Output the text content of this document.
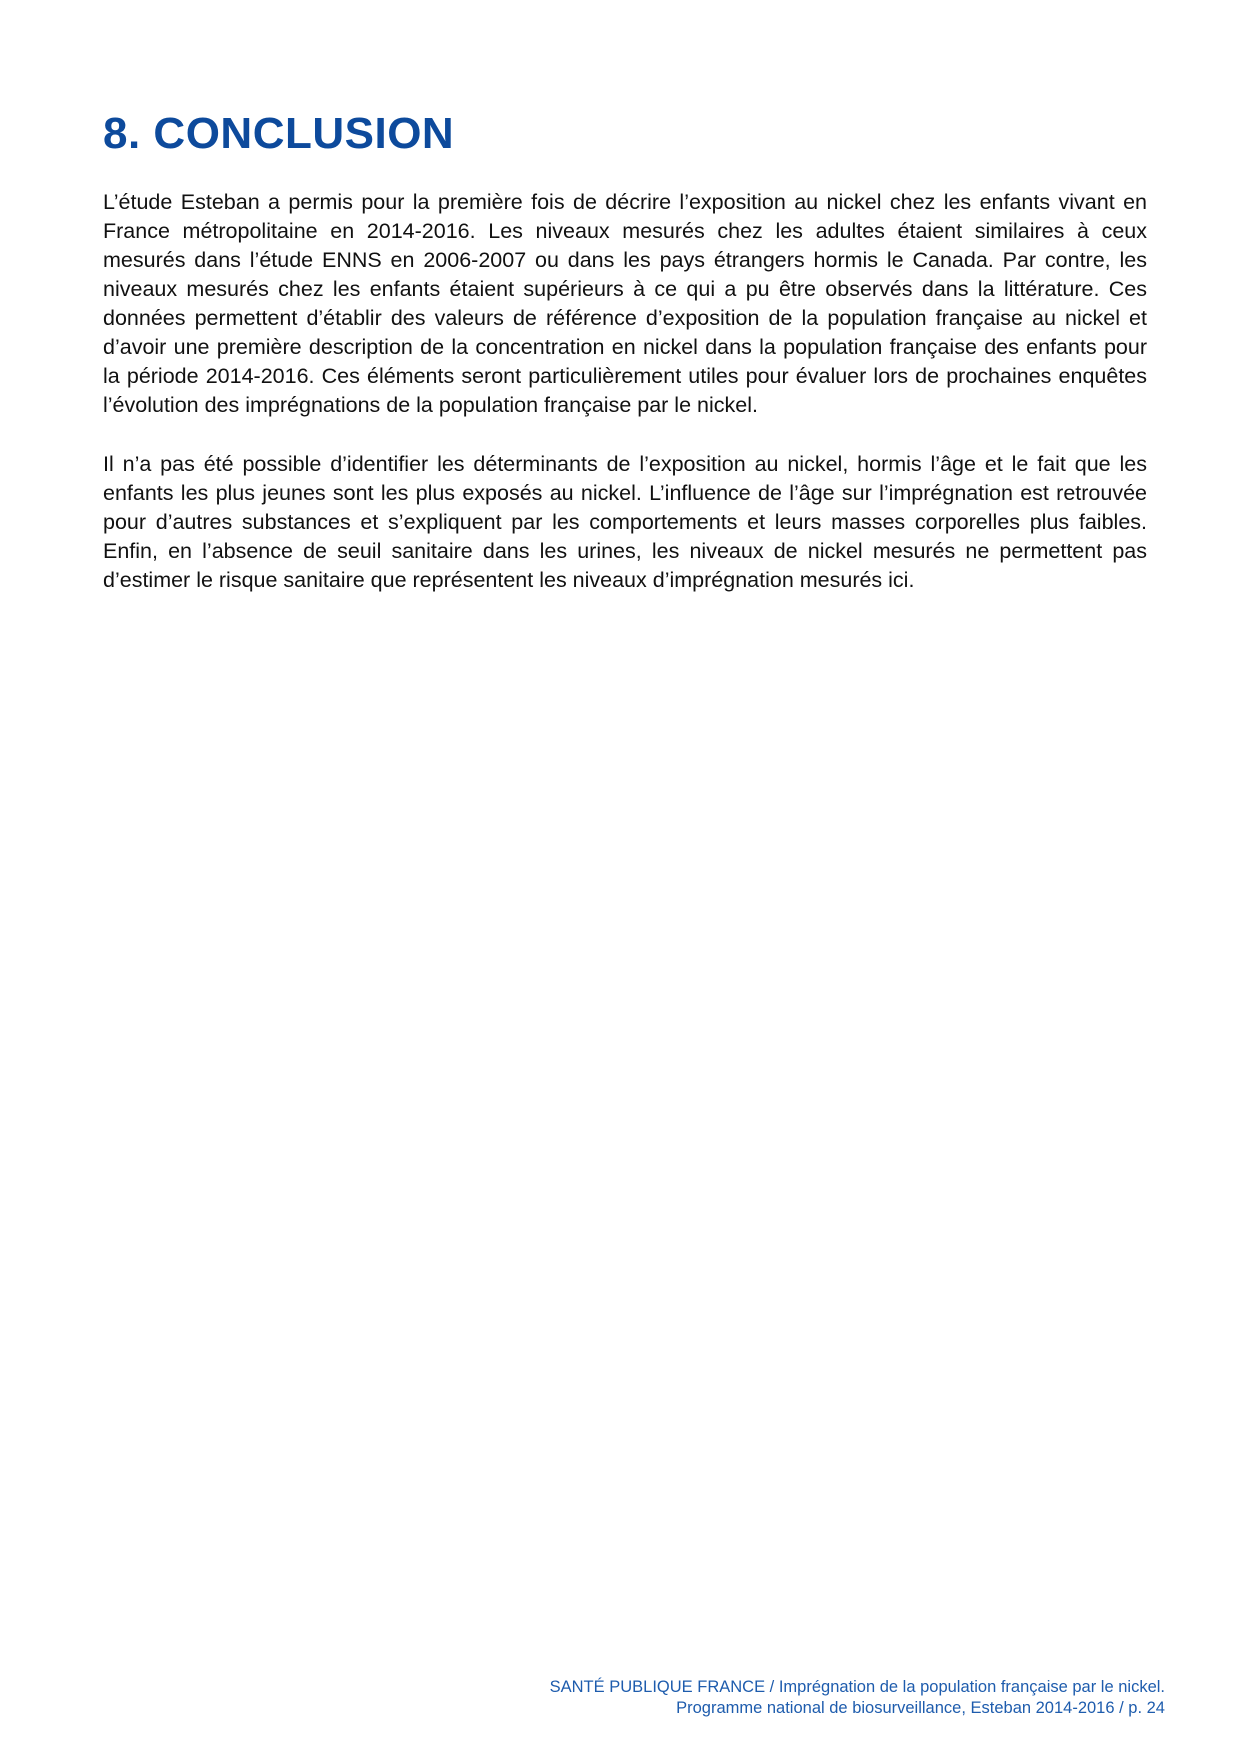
8. CONCLUSION

L’étude Esteban a permis pour la première fois de décrire l’exposition au nickel chez les enfants vivant en France métropolitaine en 2014-2016. Les niveaux mesurés chez les adultes étaient similaires à ceux mesurés dans l’étude ENNS en 2006-2007 ou dans les pays étrangers hormis le Canada. Par contre, les niveaux mesurés chez les enfants étaient supérieurs à ce qui a pu être observés dans la littérature. Ces données permettent d’établir des valeurs de référence d’exposition de la population française au nickel et d’avoir une première description de la concentration en nickel dans la population française des enfants pour la période 2014-2016. Ces éléments seront particulièrement utiles pour évaluer lors de prochaines enquêtes l’évolution des imprégnations de la population française par le nickel.

Il n’a pas été possible d’identifier les déterminants de l’exposition au nickel, hormis l’âge et le fait que les enfants les plus jeunes sont les plus exposés au nickel. L’influence de l’âge sur l’imprégnation est retrouvée pour d’autres substances et s’expliquent par les comportements et leurs masses corporelles plus faibles. Enfin, en l’absence de seuil sanitaire dans les urines, les niveaux de nickel mesurés ne permettent pas d’estimer le risque sanitaire que représentent les niveaux d’imprégnation mesurés ici.

SANTÉ PUBLIQUE FRANCE / Imprégnation de la population française par le nickel.
Programme national de biosurveillance, Esteban 2014-2016 / p. 24
